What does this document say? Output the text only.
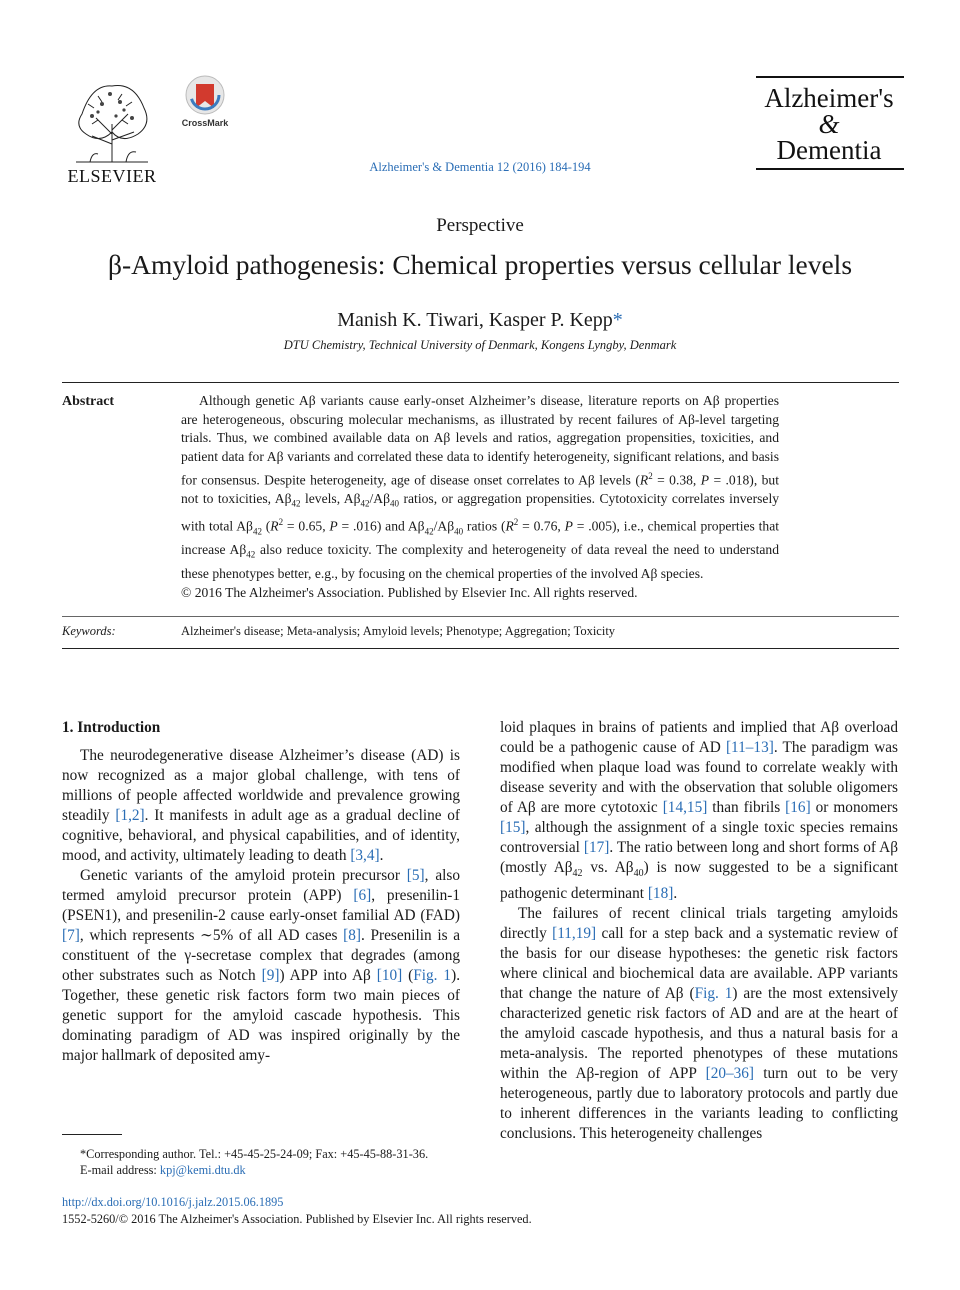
ELSEVIER
CrossMark
Alzheimer's & Dementia 12 (2016) 184-194
Alzheimer's
&
Dementia
Perspective
β-Amyloid pathogenesis: Chemical properties versus cellular levels
Manish K. Tiwari, Kasper P. Kepp*
DTU Chemistry, Technical University of Denmark, Kongens Lyngby, Denmark
Abstract	Although genetic Aβ variants cause early-onset Alzheimer’s disease, literature reports on Aβ properties are heterogeneous, obscuring molecular mechanisms, as illustrated by recent failures of Aβ-level targeting trials. Thus, we combined available data on Aβ levels and ratios, aggregation propensities, toxicities, and patient data for Aβ variants and correlated these data to identify heterogeneity, significant relations, and basis for consensus. Despite heterogeneity, age of disease onset correlates to Aβ levels ($R^2 = 0.38$, P = .018), but not to toxicities, $A\beta_{42}$ levels, $A\beta_{42}/A\beta_{40}$ ratios, or aggregation propensities. Cytotoxicity correlates inversely with total $A\beta_{42}$ ($R^2 = 0.65$, P = .016) and $A\beta_{42}/A\beta_{40}$ ratios ($R^2 = 0.76$, P = .005), i.e., chemical properties that increase $A\beta_{42}$ also reduce toxicity. The complexity and heterogeneity of data reveal the need to understand these phenotypes better, e.g., by focusing on the chemical properties of the involved Aβ species.

© 2016 The Alzheimer's Association. Published by Elsevier Inc. All rights reserved.

Keywords:	Alzheimer's disease; Meta-analysis; Amyloid levels; Phenotype; Aggregation; Toxicity
1. Introduction

The neurodegenerative disease Alzheimer’s disease (AD) is now recognized as a major global challenge, with tens of millions of people affected worldwide and prevalence growing steadily [1,2]. It manifests in adult age as a gradual decline of cognitive, behavioral, and physical capabilities, and of identity, mood, and activity, ultimately leading to death [3,4].

Genetic variants of the amyloid protein precursor [5], also termed amyloid precursor protein (APP) [6], presenilin-1 (PSEN1), and presenilin-2 cause early-onset familial AD (FAD) [7], which represents ∼5% of all AD cases [8]. Presenilin is a constituent of the γ-secretase complex that degrades (among other substrates such as Notch [9]) APP into Aβ [10] (Fig. 1). Together, these genetic risk factors form two main pieces of genetic support for the amyloid cascade hypothesis. This dominating paradigm of AD was inspired originally by the major hallmark of deposited amy-

loid plaques in brains of patients and implied that Aβ overload could be a pathogenic cause of AD [11–13]. The paradigm was modified when plaque load was found to correlate weakly with disease severity and with the observation that soluble oligomers of Aβ are more cytotoxic [14,15] than fibrils [16] or monomers [15], although the assignment of a single toxic species remains controversial [17]. The ratio between long and short forms of Aβ (mostly $A\beta_{42}$ vs. $A\beta_{40}$) is now suggested to be a significant pathogenic determinant [18].

The failures of recent clinical trials targeting amyloids directly [11,19] call for a step back and a systematic review of the basis for our disease hypotheses: the genetic risk factors where clinical and biochemical data are available. APP variants that change the nature of Aβ (Fig. 1) are the most extensively characterized genetic risk factors of AD and are at the heart of the amyloid cascade hypothesis, and thus a natural basis for a meta-analysis. The reported phenotypes of these mutations within the Aβ-region of APP [20–36] turn out to be very heterogeneous, partly due to laboratory protocols and partly due to inherent differences in the variants leading to conflicting conclusions. This heterogeneity challenges

*Corresponding author. Tel.: +45-45-25-24-09; Fax: +45-45-88-31-36.
E-mail address: kpj@kemi.dtu.dk
http://dx.doi.org/10.1016/j.jalz.2015.06.1895
1552-5260/© 2016 The Alzheimer's Association. Published by Elsevier Inc. All rights reserved.
